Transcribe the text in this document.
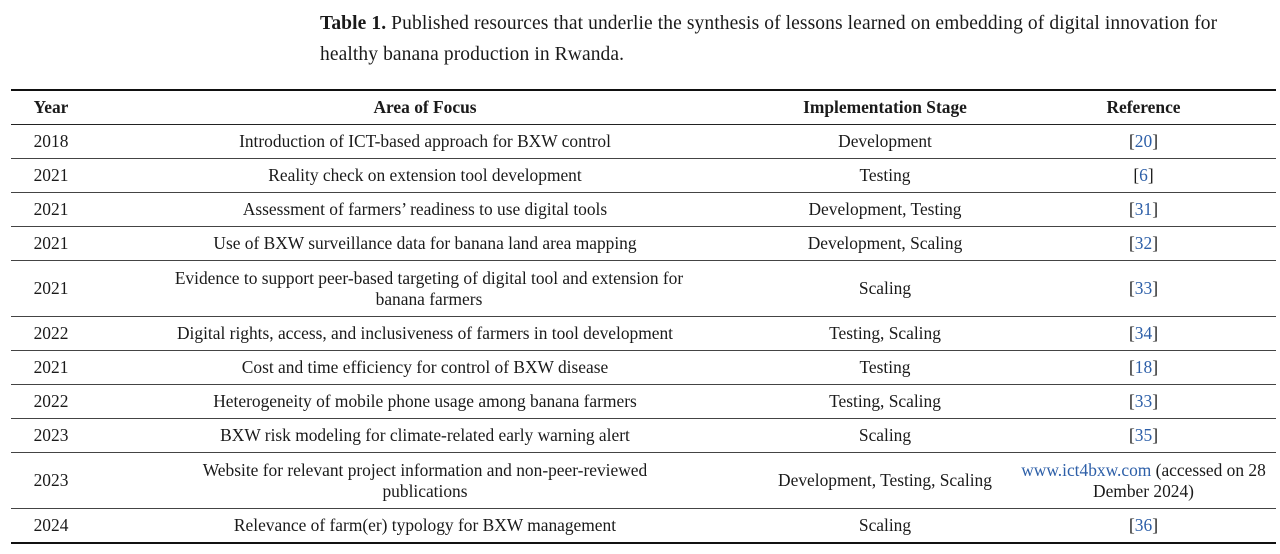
Table 1. Published resources that underlie the synthesis of lessons learned on embedding of digital innovation for healthy banana production in Rwanda.
Year	Area of Focus	Implementation Stage	Reference
2018	Introduction of ICT-based approach for BXW control	Development	[20]
2021	Reality check on extension tool development	Testing	[6]
2021	Assessment of farmers’ readiness to use digital tools	Development, Testing	[31]
2021	Use of BXW surveillance data for banana land area mapping	Development, Scaling	[32]
2021	Evidence to support peer-based targeting of digital tool and extension for banana farmers	Scaling	[33]
2022	Digital rights, access, and inclusiveness of farmers in tool development	Testing, Scaling	[34]
2021	Cost and time efficiency for control of BXW disease	Testing	[18]
2022	Heterogeneity of mobile phone usage among banana farmers	Testing, Scaling	[33]
2023	BXW risk modeling for climate-related early warning alert	Scaling	[35]
2023	Website for relevant project information and non-peer-reviewed publications	Development, Testing, Scaling	www.ict4bxw.com (accessed on 28 Dember 2024)
2024	Relevance of farm(er) typology for BXW management	Scaling	[36]
